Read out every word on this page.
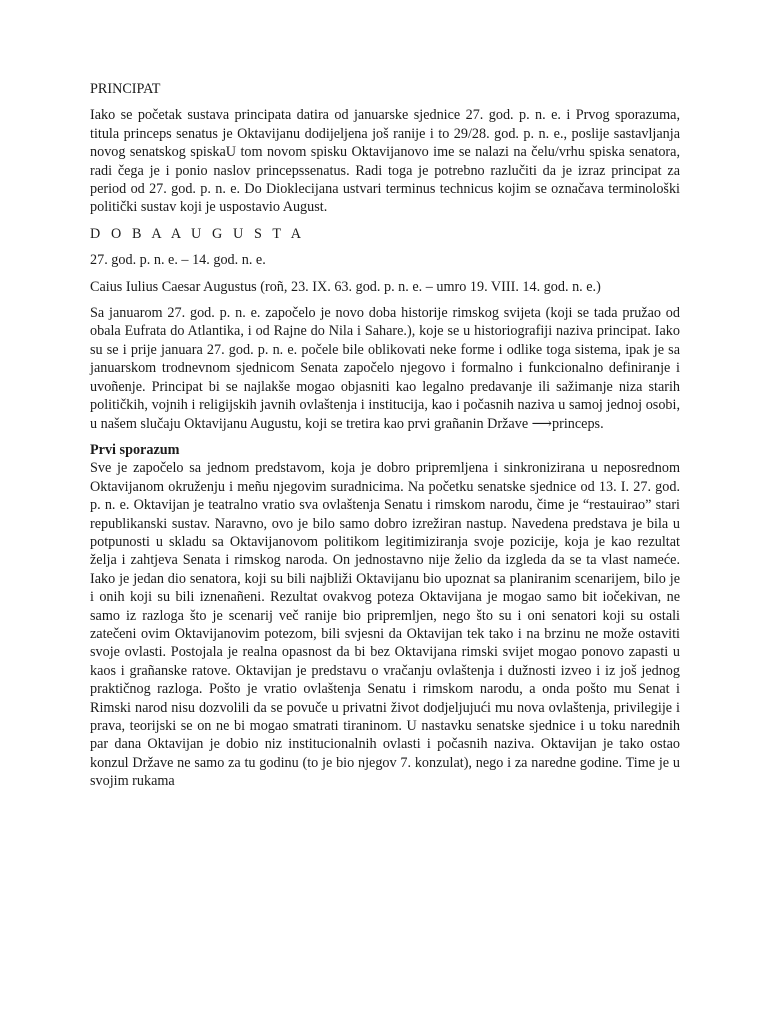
PRINCIPAT

Iako se početak sustava principata datira od januarske sjednice 27. god. p. n. e. i Prvog sporazuma, titula princeps senatus je Oktavijanu dodijeljena još ranije i to 29/28. god. p. n. e., poslije sastavljanja novog senatskog spiskaU tom novom spisku Oktavijanovo ime se nalazi na čelu/vrhu spiska senatora, radi čega je i ponio naslov princepssenatus. Radi toga je potrebno razlučiti da je izraz principat za period od 27. god. p. n. e. Do Dioklecijana ustvari terminus technicus kojim se označava terminološki politički sustav koji je uspostavio August.

D O B A A U G U S T A

27. god. p. n. e. – 14. god. n. e.

Caius Iulius Caesar Augustus (roñ, 23. IX. 63. god. p. n. e. – umro 19. VIII. 14. god. n. e.)

Sa januarom 27. god. p. n. e. započelo je novo doba historije rimskog svijeta (koji se tada pružao od obala Eufrata do Atlantika, i od Rajne do Nila i Sahare.), koje se u historiografiji naziva principat. Iako su se i prije januara 27. god. p. n. e. počele bile oblikovati neke forme i odlike toga sistema, ipak je sa januarskom trodnevnom sjednicom Senata započelo njegovo i formalno i funkcionalno definiranje i uvoñenje. Principat bi se najlakše mogao objasniti kao legalno predavanje ili sažimanje niza starih političkih, vojnih i religijskih javnih ovlaštenja i institucija, kao i počasnih naziva u samoj jednoj osobi, u našem slučaju Oktavijanu Augustu, koji se tretira kao prvi grañanin Države ⟶princeps.

Prvi sporazum

Sve je započelo sa jednom predstavom, koja je dobro pripremljena i sinkronizirana u neposrednom Oktavijanom okruženju i meñu njegovim suradnicima. Na početku senatske sjednice od 13. I. 27. god. p. n. e. Oktavijan je teatralno vratio sva ovlaštenja Senatu i rimskom narodu, čime je “restauirao” stari republikanski sustav. Naravno, ovo je bilo samo dobro izrežiran nastup. Navedena predstava je bila u potpunosti u skladu sa Oktavijanovom politikom legitimiziranja svoje pozicije, koja je kao rezultat želja i zahtjeva Senata i rimskog naroda. On jednostavno nije želio da izgleda da se ta vlast nameće. Iako je jedan dio senatora, koji su bili najbliži Oktavijanu bio upoznat sa planiranim scenarijem, bilo je i onih koji su bili iznenañeni. Rezultat ovakvog poteza Oktavijana je mogao samo bit iočekivan, ne samo iz razloga što je scenarij več ranije bio pripremljen, nego što su i oni senatori koji su ostali zatečeni ovim Oktavijanovim potezom, bili svjesni da Oktavijan tek tako i na brzinu ne može ostaviti svoje ovlasti. Postojala je realna opasnost da bi bez Oktavijana rimski svijet mogao ponovo zapasti u kaos i grañanske ratove. Oktavijan je predstavu o vračanju ovlaštenja i dužnosti izveo i iz još jednog praktičnog razloga. Pošto je vratio ovlaštenja Senatu i rimskom narodu, a onda pošto mu Senat i Rimski narod nisu dozvolili da se povuče u privatni život dodjeljujući mu nova ovlaštenja, privilegije i prava, teorijski se on ne bi mogao smatrati tiraninom. U nastavku senatske sjednice i u toku narednih par dana Oktavijan je dobio niz institucionalnih ovlasti i počasnih naziva. Oktavijan je tako ostao konzul Države ne samo za tu godinu (to je bio njegov 7. konzulat), nego i za naredne godine. Time je u svojim rukama
